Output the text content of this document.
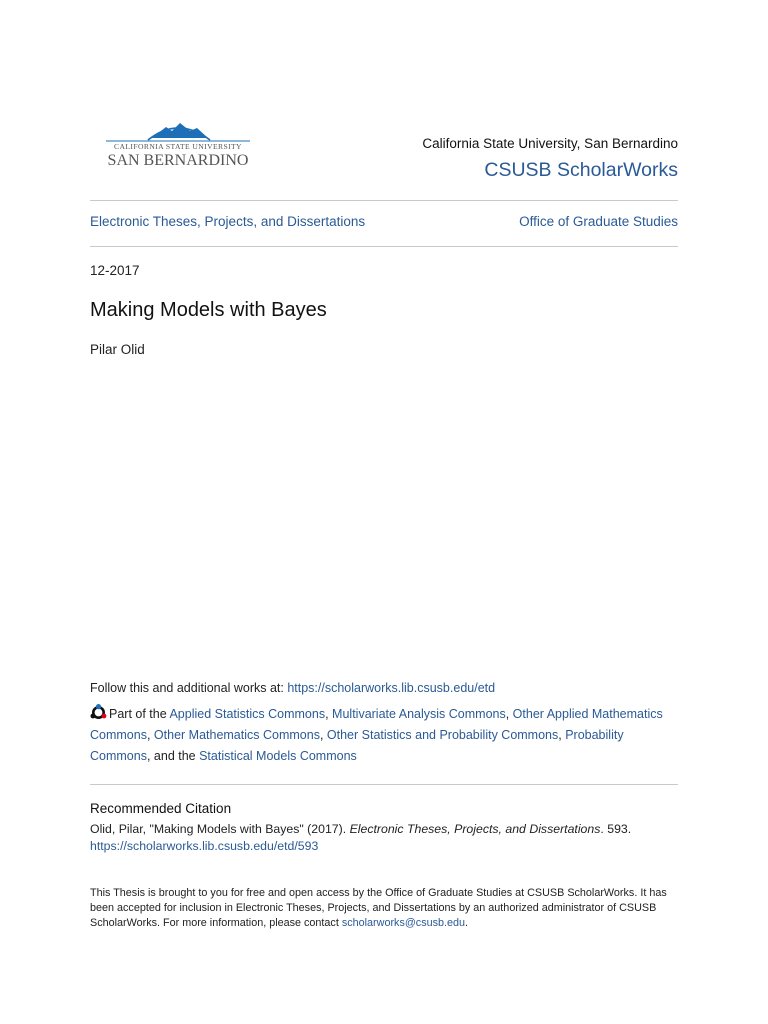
CALIFORNIA STATE UNIVERSITY
SAN BERNARDINO
California State University, San Bernardino
CSUSB ScholarWorks
Electronic Theses, Projects, and Dissertations	Office of Graduate Studies
12-2017
Making Models with Bayes
Pilar Olid
Follow this and additional works at: https://scholarworks.lib.csusb.edu/etd
Part of the Applied Statistics Commons, Multivariate Analysis Commons, Other Applied Mathematics Commons, Other Mathematics Commons, Other Statistics and Probability Commons, Probability Commons, and the Statistical Models Commons
Recommended Citation
Olid, Pilar, "Making Models with Bayes" (2017). Electronic Theses, Projects, and Dissertations. 593.
https://scholarworks.lib.csusb.edu/etd/593
This Thesis is brought to you for free and open access by the Office of Graduate Studies at CSUSB ScholarWorks. It has been accepted for inclusion in Electronic Theses, Projects, and Dissertations by an authorized administrator of CSUSB ScholarWorks. For more information, please contact scholarworks@csusb.edu.
